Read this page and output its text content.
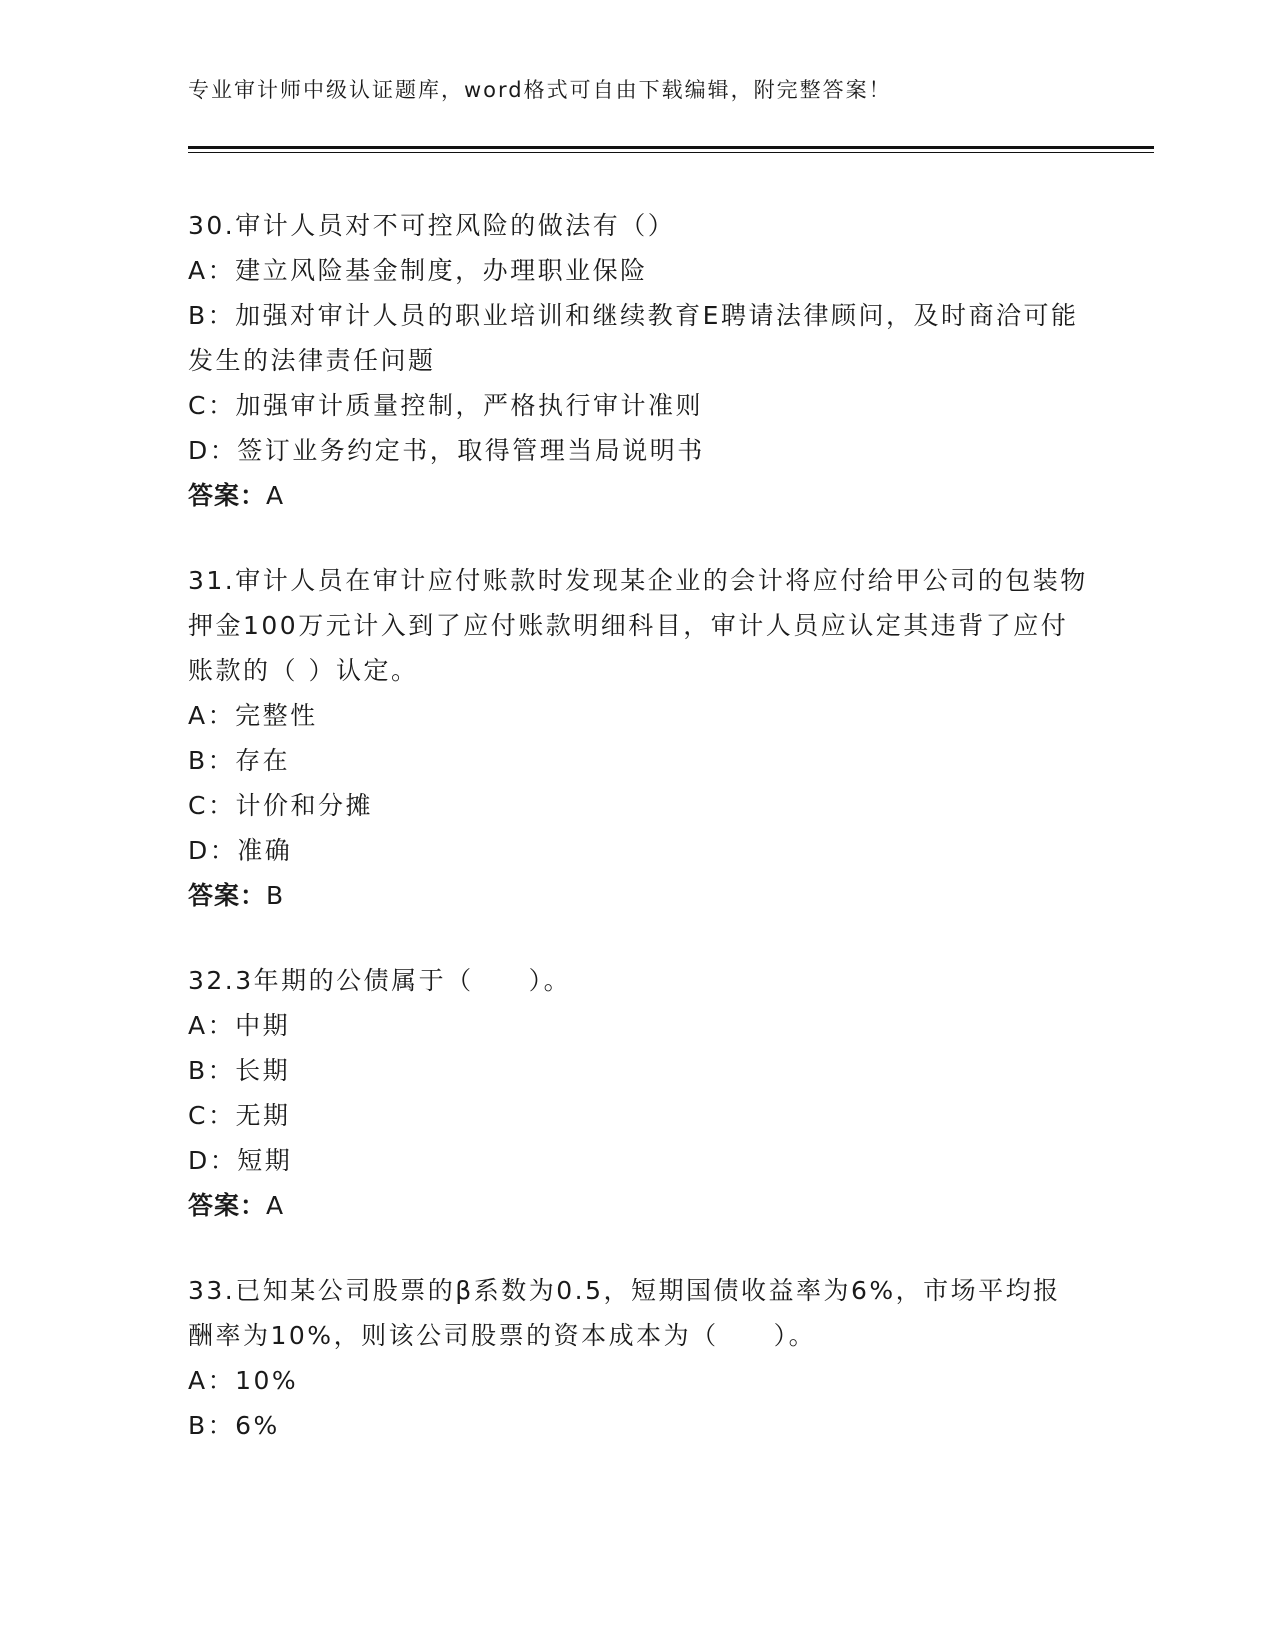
专业审计师中级认证题库，word格式可自由下载编辑，附完整答案！

30.审计人员对不可控风险的做法有（）

A：建立风险基金制度，办理职业保险

B：加强对审计人员的职业培训和继续教育E聘请法律顾问，及时商洽可能发生的法律责任问题

C：加强审计质量控制，严格执行审计准则

D：签订业务约定书，取得管理当局说明书

答案：A

31.审计人员在审计应付账款时发现某企业的会计将应付给甲公司的包装物押金100万元计入到了应付账款明细科目，审计人员应认定其违背了应付账款的（ ）认定。

A：完整性

B：存在

C：计价和分摊

D：准确

答案：B

32.3年期的公债属于（　　）。

A：中期

B：长期

C：无期

D：短期

答案：A

33.已知某公司股票的β系数为0.5，短期国债收益率为6%，市场平均报酬率为10%，则该公司股票的资本成本为（　　）。

A：10%

B：6%
